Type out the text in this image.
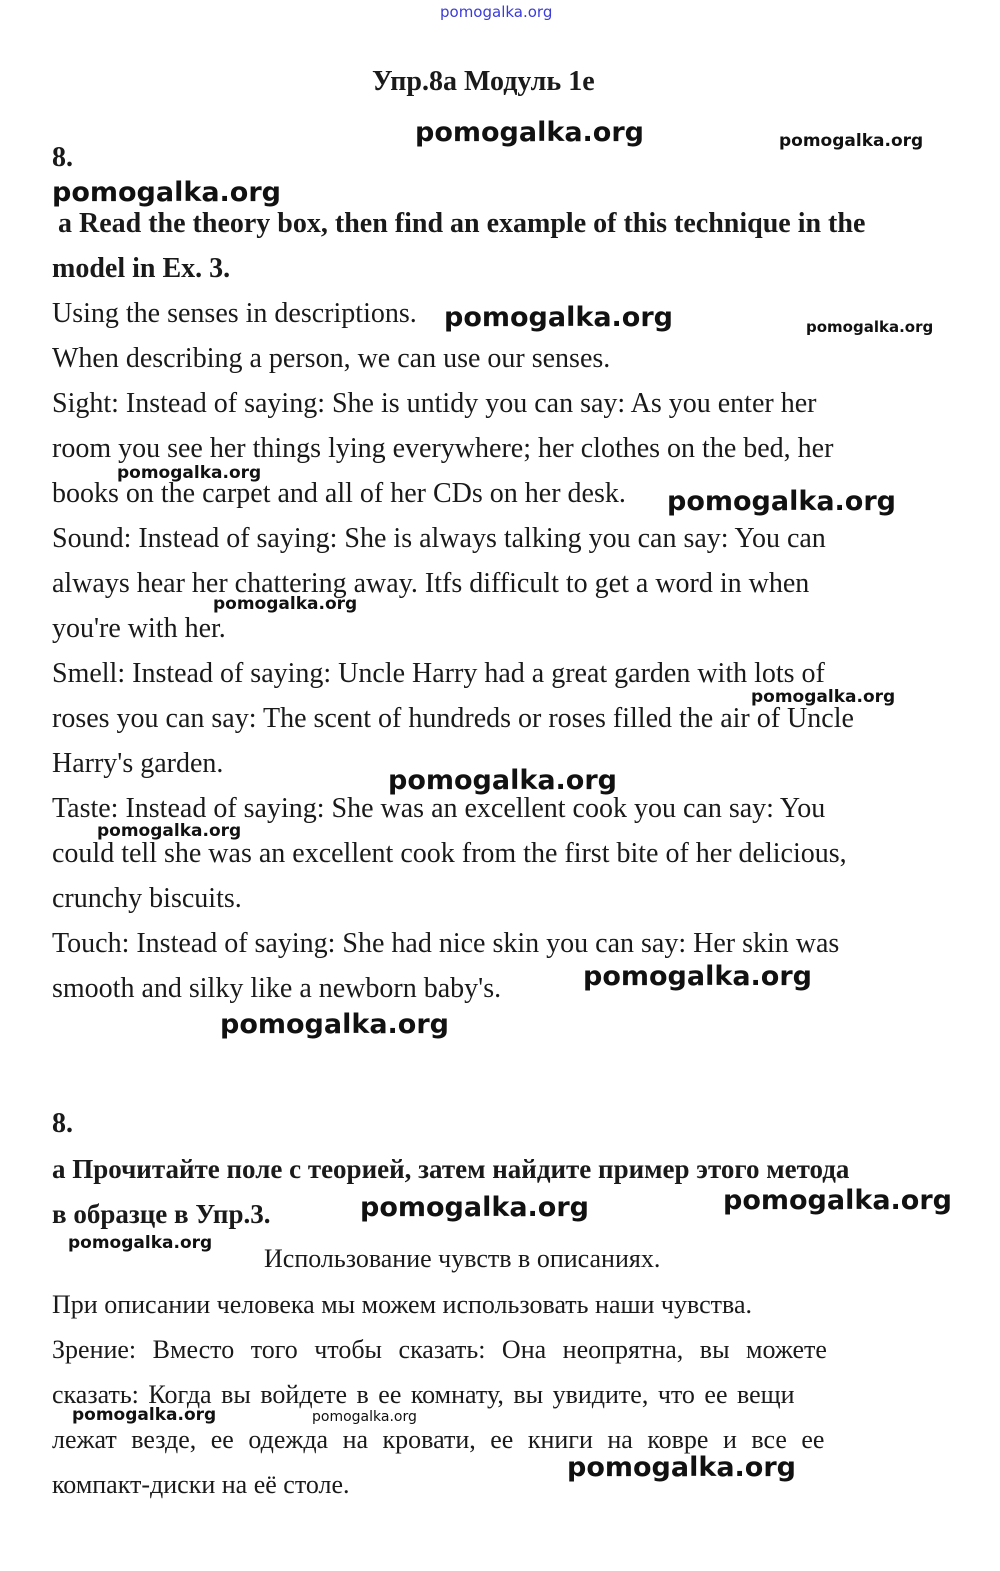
pomogalka.org
Упр.8а Модуль 1e
8.
a Read the theory box, then find an example of this technique in the
model in Ex. 3.
Using the senses in descriptions.
When describing a person, we can use our senses.
Sight: Instead of saying: She is untidy you can say: As you enter her
room you see her things lying everywhere; her clothes on the bed, her
books on the carpet and all of her CDs on her desk.
Sound: Instead of saying: She is always talking you can say: You can
always hear her chattering away. Itfs difficult to get a word in when
you're with her.
Smell: Instead of saying: Uncle Harry had a great garden with lots of
roses you can say: The scent of hundreds or roses filled the air of Uncle
Harry's garden.
Taste: Instead of saying: She was an excellent cook you can say: You
could tell she was an excellent cook from the first bite of her delicious,
crunchy biscuits.
Touch: Instead of saying: She had nice skin you can say: Her skin was
smooth and silky like a newborn baby's.
8.
а Прочитайте поле с теорией, затем найдите пример этого метода
в образце в Упр.3.
Использование чувств в описаниях.
При описании человека мы можем использовать наши чувства.
Зрение: Вместо того чтобы сказать: Она неопрятна, вы можете
сказать: Когда вы войдете в ее комнату, вы увидите, что ее вещи
лежат везде, ее одежда на кровати, ее книги на ковре и все ее
компакт-диски на её столе.
pomogalka.org	pomogalka.org
pomogalka.org
pomogalka.org	pomogalka.org
pomogalka.org
pomogalka.org
pomogalka.org
pomogalka.org
pomogalka.org
pomogalka.org
pomogalka.org
pomogalka.org
pomogalka.org
pomogalka.org
pomogalka.org
pomogalka.org	pomogalka.org
pomogalka.org
